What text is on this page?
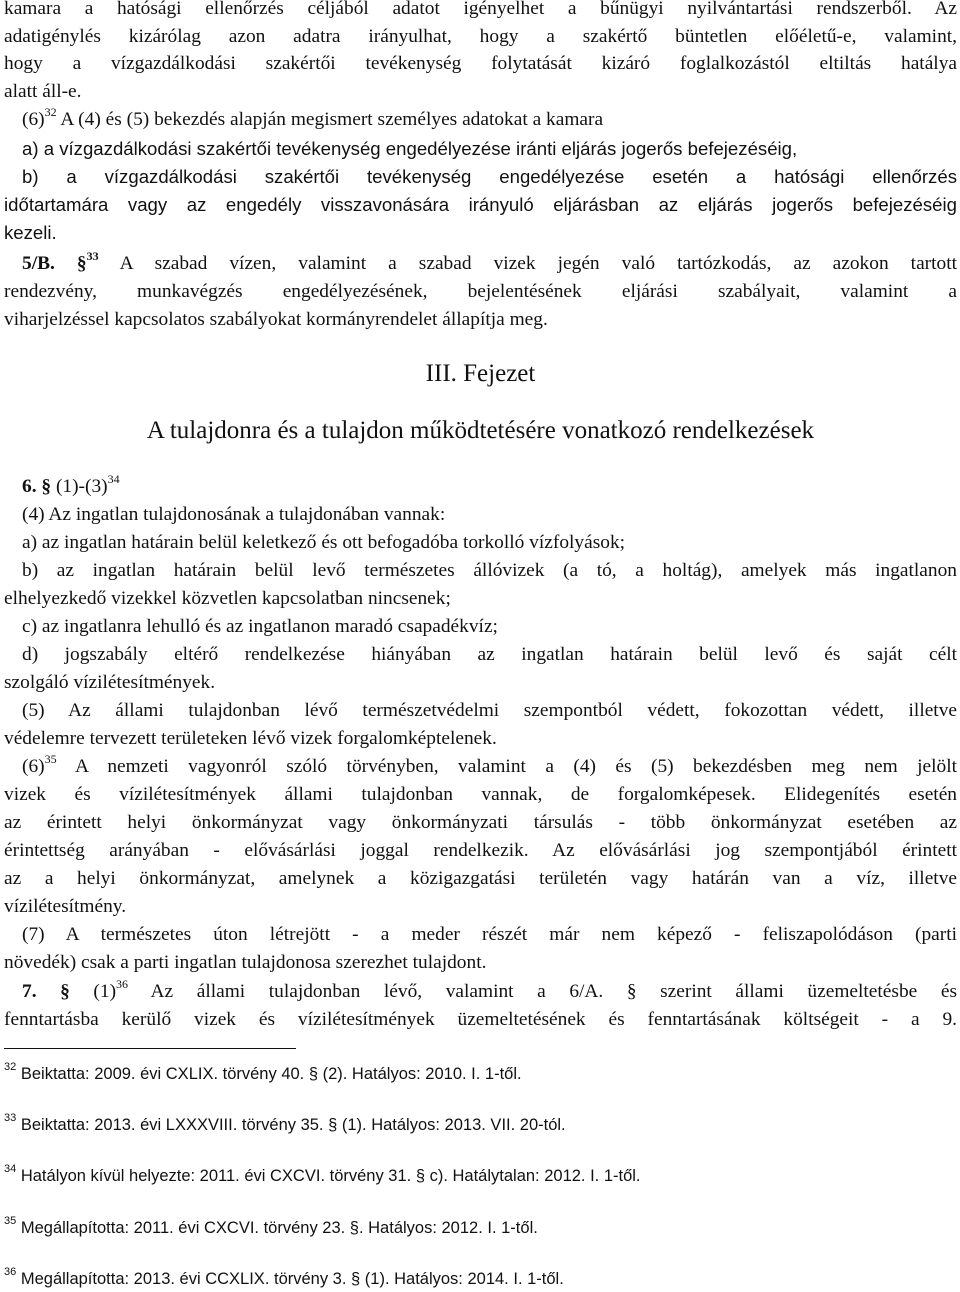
kamara a hatósági ellenőrzés céljából adatot igényelhet a bűnügyi nyilvántartási rendszerből. Az
adatigénylés kizárólag azon adatra irányulhat, hogy a szakértő büntetlen előéletű-e, valamint,
hogy a vízgazdálkodási szakértői tevékenység folytatását kizáró foglalkozástól eltiltás hatálya
alatt áll-e.
$(6)^{32}$ A (4) és (5) bekezdés alapján megismert személyes adatokat a kamara
a) a vízgazdálkodási szakértői tevékenység engedélyezése iránti eljárás jogerős befejezéséig,
b) a vízgazdálkodási szakértői tevékenység engedélyezése esetén a hatósági ellenőrzés
időtartamára vagy az engedély visszavonására irányuló eljárásban az eljárás jogerős befejezéséig
kezeli.
5/B. §$^{33}$ A szabad vízen, valamint a szabad vizek jegén való tartózkodás, az azokon tartott
rendezvény, munkavégzés engedélyezésének, bejelentésének eljárási szabályait, valamint a
viharjelzéssel kapcsolatos szabályokat kormányrendelet állapítja meg.
III. Fejezet
A tulajdonra és a tulajdon működtetésére vonatkozó rendelkezések
6. § $(1)-(3)^{34}$
(4) Az ingatlan tulajdonosának a tulajdonában vannak:
a) az ingatlan határain belül keletkező és ott befogadóba torkolló vízfolyások;
b) az ingatlan határain belül levő természetes állóvizek (a tó, a holtág), amelyek más ingatlanon
elhelyezkedő vizekkel közvetlen kapcsolatban nincsenek;
c) az ingatlanra lehulló és az ingatlanon maradó csapadékvíz;
d) jogszabály eltérő rendelkezése hiányában az ingatlan határain belül levő és saját célt
szolgáló vízilétesítmények.
(5) Az állami tulajdonban lévő természetvédelmi szempontból védett, fokozottan védett, illetve
védelemre tervezett területeken lévő vizek forgalomképtelenek.
$(6)^{35}$ A nemzeti vagyonról szóló törvényben, valamint a (4) és (5) bekezdésben meg nem jelölt
vizek és vízilétesítmények állami tulajdonban vannak, de forgalomképesek. Elidegenítés esetén
az érintett helyi önkormányzat vagy önkormányzati társulás - több önkormányzat esetében az
érintettség arányában - elővásárlási joggal rendelkezik. Az elővásárlási jog szempontjából érintett
az a helyi önkormányzat, amelynek a közigazgatási területén vagy határán van a víz, illetve
vízilétesítmény.
(7) A természetes úton létrejött - a meder részét már nem képező - feliszapolódáson (parti
növedék) csak a parti ingatlan tulajdonosa szerezhet tulajdont.
7. § $(1)^{36}$ Az állami tulajdonban lévő, valamint a 6/A. § szerint állami üzemeltetésbe és
fenntartásba kerülő vizek és vízilétesítmények üzemeltetésének és fenntartásának költségeit - a 9.
$^{32}$ Beiktatta: 2009. évi CXLIX. törvény 40. § (2). Hatályos: 2010. I. 1-től.
$^{33}$ Beiktatta: 2013. évi LXXXVIII. törvény 35. § (1). Hatályos: 2013. VII. 20-tól.
$^{34}$ Hatályon kívül helyezte: 2011. évi CXCVI. törvény 31. § c). Hatálytalan: 2012. I. 1-től.
$^{35}$ Megállapította: 2011. évi CXCVI. törvény 23. §. Hatályos: 2012. I. 1-től.
$^{36}$ Megállapította: 2013. évi CCXLIX. törvény 3. § (1). Hatályos: 2014. I. 1-től.
